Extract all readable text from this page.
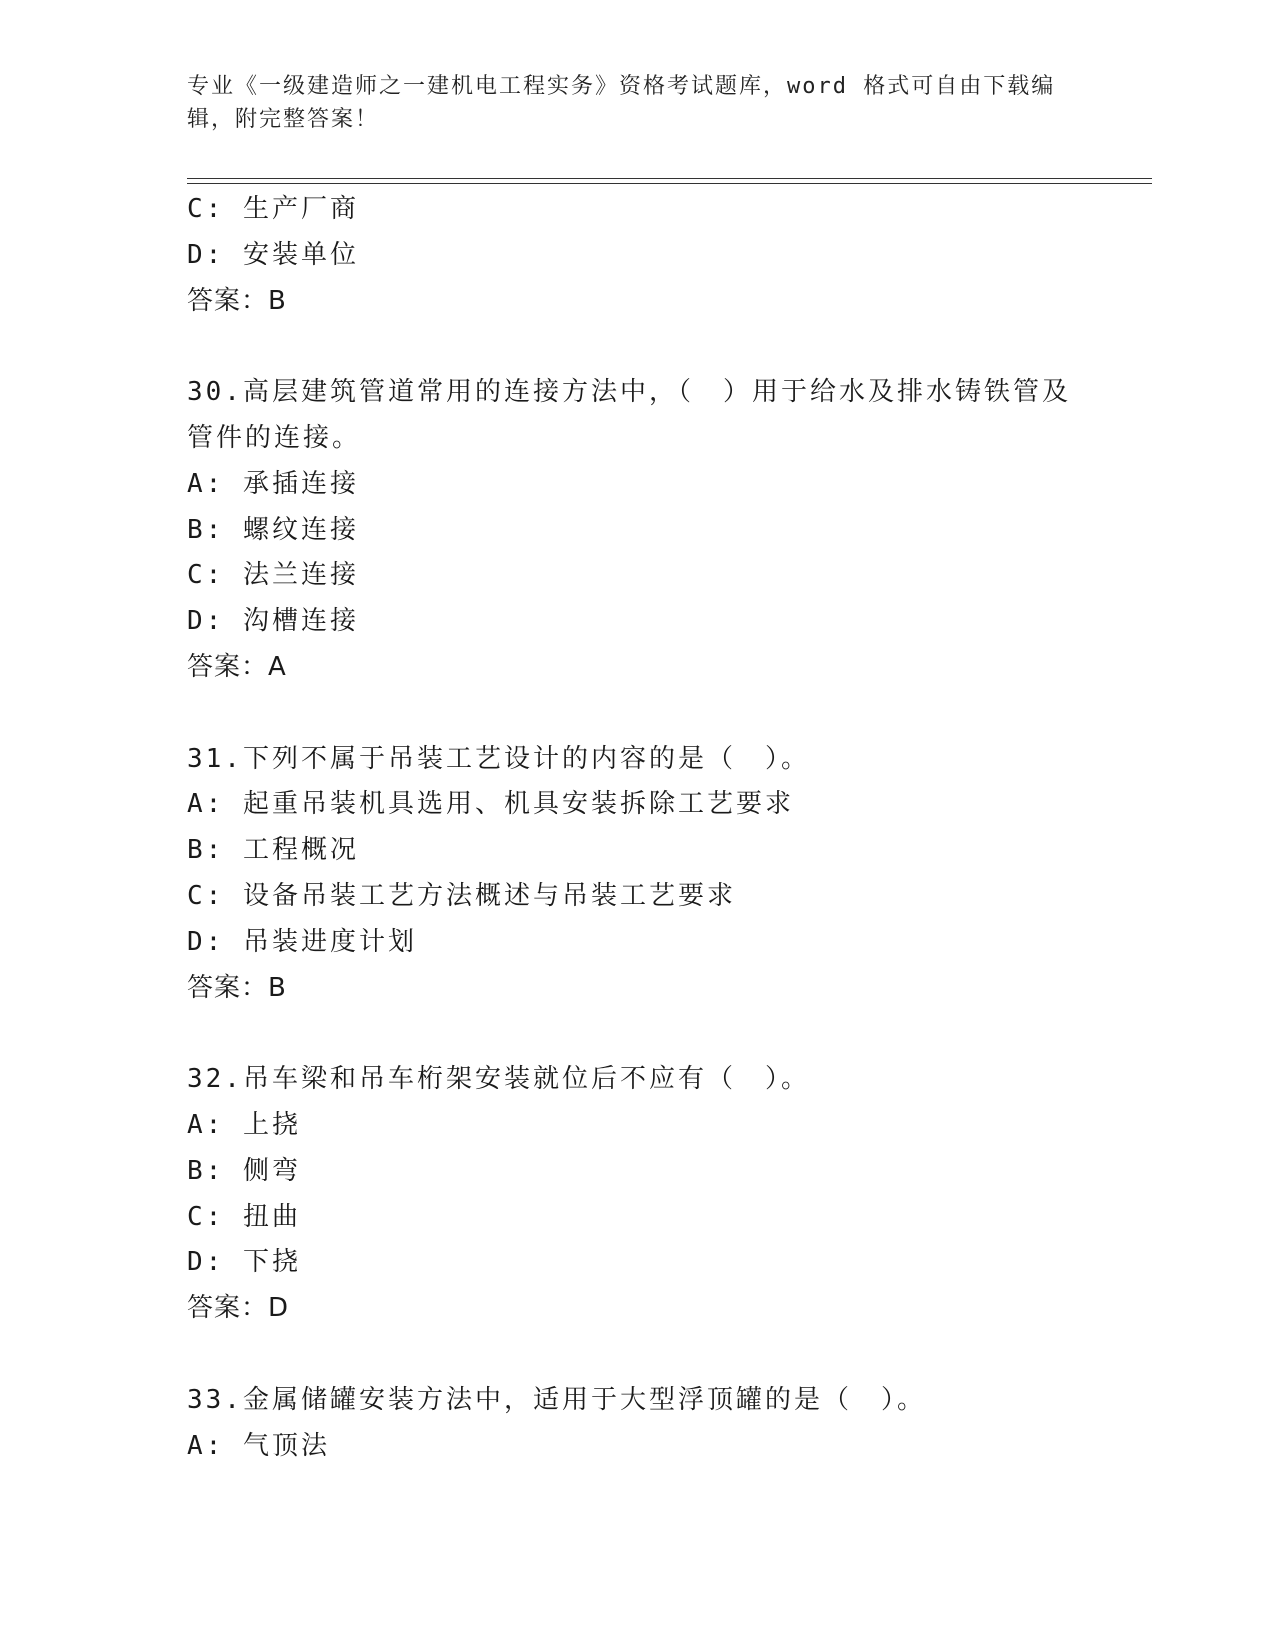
专业《一级建造师之一建机电工程实务》资格考试题库，word 格式可自由下载编
辑，附完整答案！
C: 生产厂商
D: 安装单位
答案：B
30.高层建筑管道常用的连接方法中，（　）用于给水及排水铸铁管及
管件的连接。
A: 承插连接
B: 螺纹连接
C: 法兰连接
D: 沟槽连接
答案：A
31.下列不属于吊装工艺设计的内容的是（　）。
A: 起重吊装机具选用、机具安装拆除工艺要求
B: 工程概况
C: 设备吊装工艺方法概述与吊装工艺要求
D: 吊装进度计划
答案：B
32.吊车梁和吊车桁架安装就位后不应有（　）。
A: 上挠
B: 侧弯
C: 扭曲
D: 下挠
答案：D
33.金属储罐安装方法中，适用于大型浮顶罐的是（　）。
A: 气顶法
